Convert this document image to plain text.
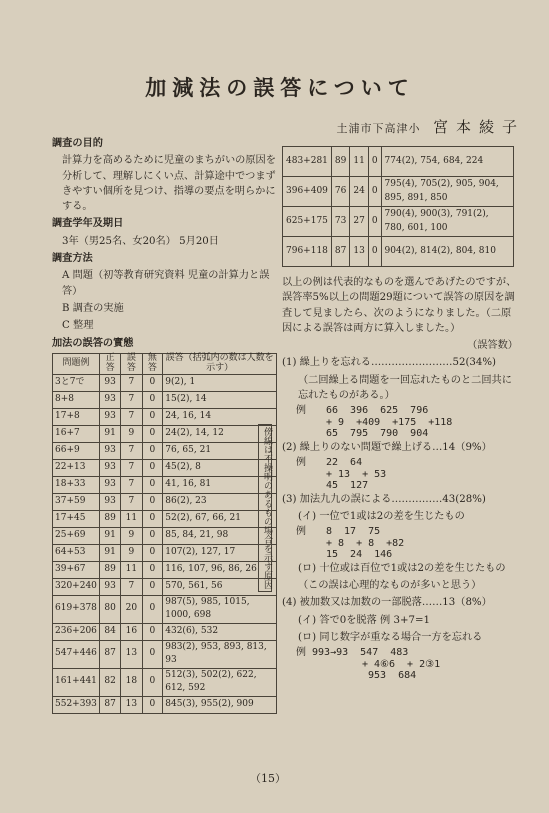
加減法の誤答について
土浦市下高津小 宮本綾子
調査の目的
計算力を高めるために児童のまちがいの原因を分析して、理解しにくい点、計算途中でつまずきやすい個所を見つけ、指導の要点を明らかにする。
調査学年及期日
3年（男25名、女20名） 5月20日
調査方法
A 問題（初等教育研究資料 児童の計算力と誤答）
B 調査の実施
C 整理
加法の誤答の實態
問題例	正答	誤答	無答	誤答（括弧内の数は人数を示す）
3と7で	93	7	0	9(2), 1
8+8	93	7	0	15(2), 14
17+8	93	7	0	24, 16, 14
16+7	91	9	0	24(2), 14, 12
66+9	93	7	0	76, 65, 21
22+13	93	7	0	45(2), 8
18+33	93	7	0	41, 16, 81
37+59	93	7	0	86(2), 23
17+45	89	11	0	52(2), 67, 66, 21
25+69	91	9	0	85, 84, 21, 98
64+53	91	9	0	107(2), 127, 17
39+67	89	11	0	116, 107, 96, 86, 26
320+240	93	7	0	570, 561, 56
619+378	80	20	0	987(5), 985, 1015, 1000, 698
236+206	84	16	0	432(6), 532
547+446	87	13	0	983(2), 953, 893, 813, 93
161+441	82	18	0	512(3), 502(2), 622, 612, 592
552+393	87	13	0	845(3), 955(2), 909
傍線は不操明のあるもの場合を示す原因
483+281	89	11	0	774(2), 754, 684, 224
396+409	76	24	0	795(4), 705(2), 905, 904, 895, 891, 850
625+175	73	27	0	790(4), 900(3), 791(2), 780, 601, 100
796+118	87	13	0	904(2), 814(2), 804, 810
以上の例は代表的なものを選んであげたのですが、誤答率5%以上の問題29題について誤答の原因を調査して見ましたら、次のようになりました。（二原因による誤答は両方に算入しました。）
（誤答数）
(1) 繰上りを忘れる……………………52(34%)
（二回繰上る問題を一回忘れたものと二回共に忘れたものがある。）
例	66 396 625 796
+ 9 +409 +175 +118
65 795 790 904
(2) 繰上りのない問題で繰上げる…14（9%）
例	22 64
+ 13 + 53
45 127
(3) 加法九九の誤による……………43(28%)
(イ) 一位で1或は2の差を生じたもの
例	8 17 75
+ 8 + 8 +82
15 24 146
(ロ) 十位或は百位で1或は2の差を生じたもの
（この誤は心理的なものが多いと思う）
(4) 被加数又は加数の一部脱落……13（8%）
(イ) 答で0を脱落 例 3+7=1
(ロ) 同じ数字が重なる場合一方を忘れる
例 993→93 547 483
+ 4⑥6 + 2③1
953 684
（15）
